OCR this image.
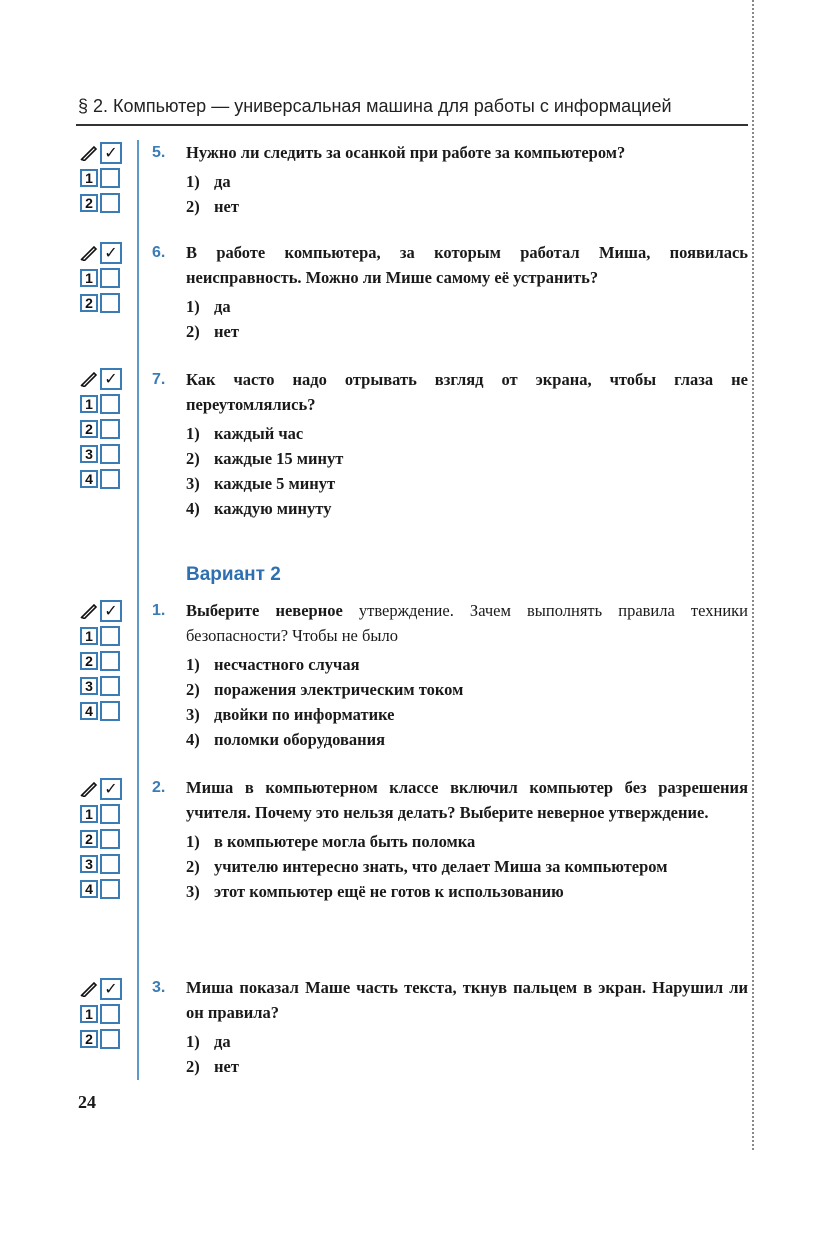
§ 2. Компьютер — универсальная машина для работы с информацией
✓
1
2
✓
1
2
✓
1
2
3
4
✓
1
2
3
4
✓
1
2
3
4
✓
1
2
5. Нужно ли следить за осанкой при работе за компьютером?
1) да
2) нет
6. В работе компьютера, за которым работал Миша, появилась неисправность. Можно ли Мише самому её устранить?
1) да
2) нет
7. Как часто надо отрывать взгляд от экрана, чтобы глаза не переутомлялись?
1) каждый час
2) каждые 15 минут
3) каждые 5 минут
4) каждую минуту
Вариант 2
1. Выберите неверное утверждение. Зачем выполнять правила техники безопасности? Чтобы не было
1) несчастного случая
2) поражения электрическим током
3) двойки по информатике
4) поломки оборудования
2. Миша в компьютерном классе включил компьютер без разрешения учителя. Почему это нельзя делать? Выберите неверное утверждение.
1) в компьютере могла быть поломка
2) учителю интересно знать, что делает Миша за компьютером
3) этот компьютер ещё не готов к использованию
3. Миша показал Маше часть текста, ткнув пальцем в экран. Нарушил ли он правила?
1) да
2) нет
24
